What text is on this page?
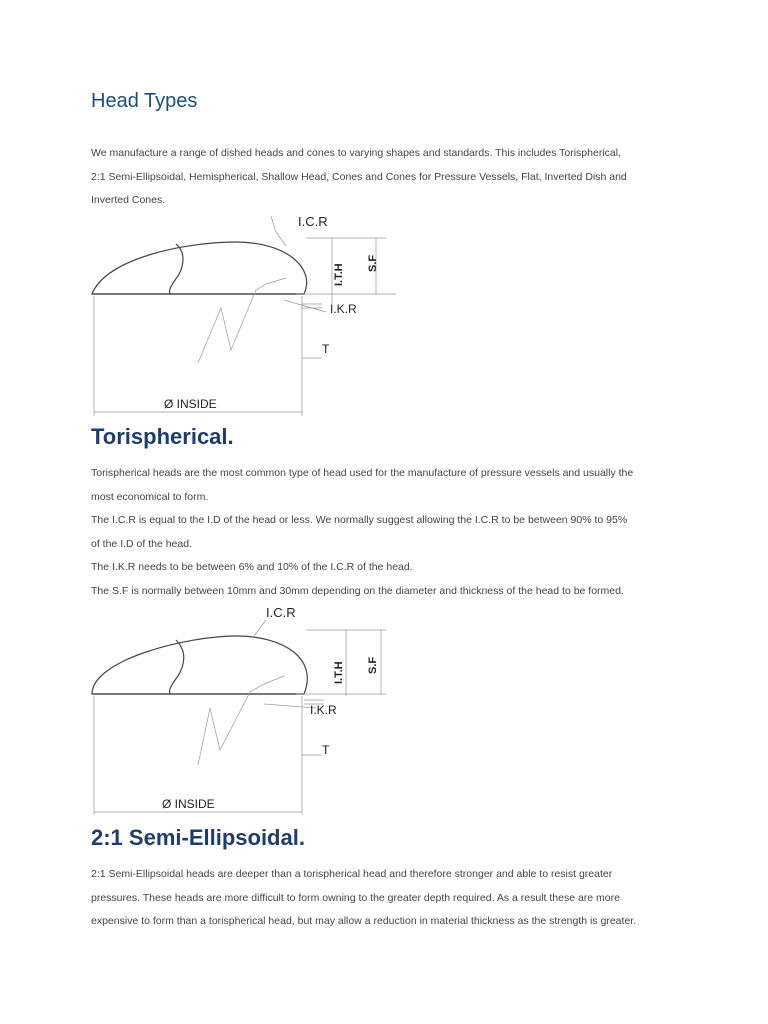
Head Types

We manufacture a range of dished heads and cones to varying shapes and standards. This includes Torispherical,

2:1 Semi-Ellipsoidal, Hemispherical, Shallow Head, Cones and Cones for Pressure Vessels, Flat, Inverted Dish and

Inverted Cones.

I.C.R
I.T.H S.F
I.K.R
T
Ø INSIDE
Torispherical.

Torispherical heads are the most common type of head used for the manufacture of pressure vessels and usually the

most economical to form.

The I.C.R is equal to the I.D of the head or less. We normally suggest allowing the I.C.R to be between 90% to 95%

of the I.D of the head.

The I.K.R needs to be between 6% and 10% of the I.C.R of the head.

The S.F is normally between 10mm and 30mm depending on the diameter and thickness of the head to be formed.

I.C.R
I.T.H S.F
I.K.R
T
Ø INSIDE
2:1 Semi-Ellipsoidal.

2:1 Semi-Ellipsoidal heads are deeper than a torispherical head and therefore stronger and able to resist greater

pressures. These heads are more difficult to form owning to the greater depth required. As a result these are more

expensive to form than a torispherical head, but may allow a reduction in material thickness as the strength is greater.
